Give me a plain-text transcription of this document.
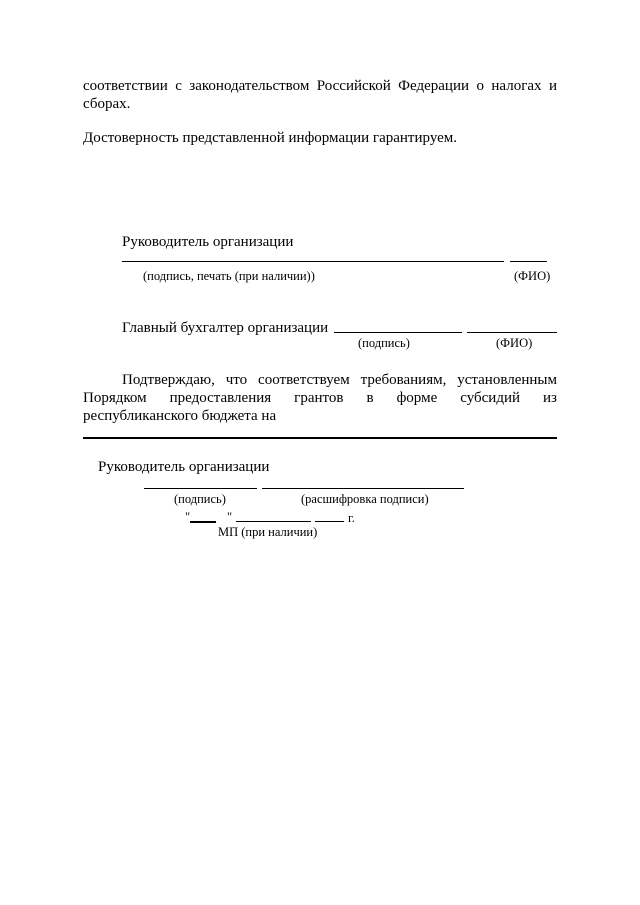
соответствии с законодательством Российской Федерации о налогах и
сборах.
Достоверность представленной информации гарантируем.
Руководитель организации
(подпись, печать (при наличии))	(ФИО)
Главный бухгалтер организации
(подпись)	(ФИО)
Подтверждаю, что соответствуем требованиям, установленным
Порядком предоставления грантов в форме субсидий из
республиканского бюджета на
Руководитель организации
(подпись)	(расшифровка подписи)
"	"	г.
МП (при наличии)
